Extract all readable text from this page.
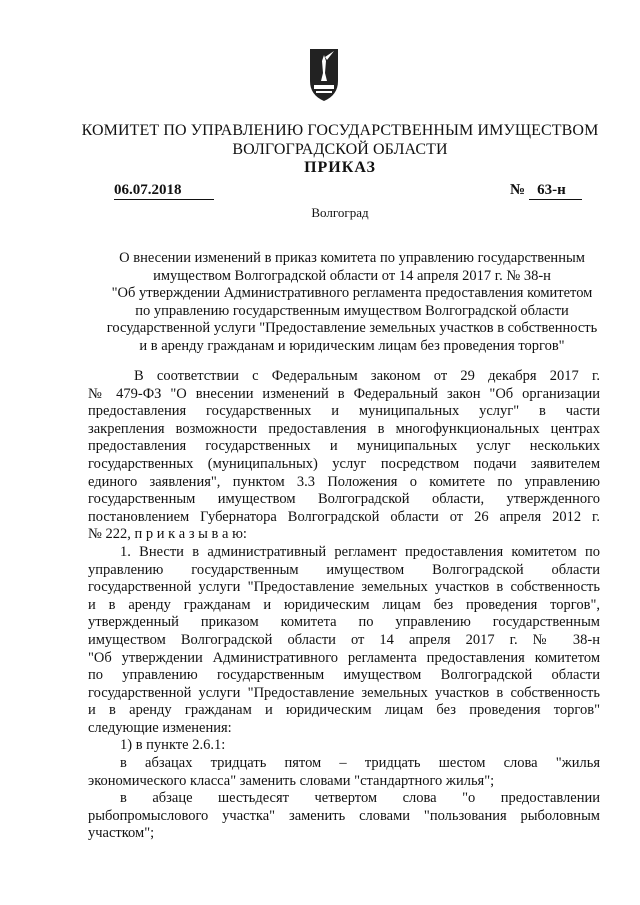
КОМИТЕТ ПО УПРАВЛЕНИЮ ГОСУДАРСТВЕННЫМ ИМУЩЕСТВОМ
ВОЛГОГРАДСКОЙ ОБЛАСТИ
ПРИКАЗ
06.07.2018	№ 63-н
Волгоград
О внесении изменений в приказ комитета по управлению государственным
имуществом Волгоградской области от 14 апреля 2017 г. № 38-н
"Об утверждении Административного регламента предоставления комитетом
по управлению государственным имуществом Волгоградской области
государственной услуги "Предоставление земельных участков в собственность
и в аренду гражданам и юридическим лицам без проведения торгов"
В соответствии с Федеральным законом от 29 декабря 2017 г.
№ 479-ФЗ "О внесении изменений в Федеральный закон "Об организации
предоставления государственных и муниципальных услуг" в части
закрепления возможности предоставления в многофункциональных центрах
предоставления государственных и муниципальных услуг нескольких
государственных (муниципальных) услуг посредством подачи заявителем
единого заявления", пунктом 3.3 Положения о комитете по управлению
государственным имуществом Волгоградской области, утвержденного
постановлением Губернатора Волгоградской области от 26 апреля 2012 г.
№ 222, п р и к а з ы в а ю:
1. Внести в административный регламент предоставления комитетом по
управлению государственным имуществом Волгоградской области
государственной услуги "Предоставление земельных участков в собственность
и в аренду гражданам и юридическим лицам без проведения торгов",
утвержденный приказом комитета по управлению государственным
имуществом Волгоградской области от 14 апреля 2017 г. № 38-н
"Об утверждении Административного регламента предоставления комитетом
по управлению государственным имуществом Волгоградской области
государственной услуги "Предоставление земельных участков в собственность
и в аренду гражданам и юридическим лицам без проведения торгов"
следующие изменения:
1) в пункте 2.6.1:
в абзацах тридцать пятом – тридцать шестом слова "жилья
экономического класса" заменить словами "стандартного жилья";
в абзаце шестьдесят четвертом слова "о предоставлении
рыбопромыслового участка" заменить словами "пользования рыболовным
участком";
